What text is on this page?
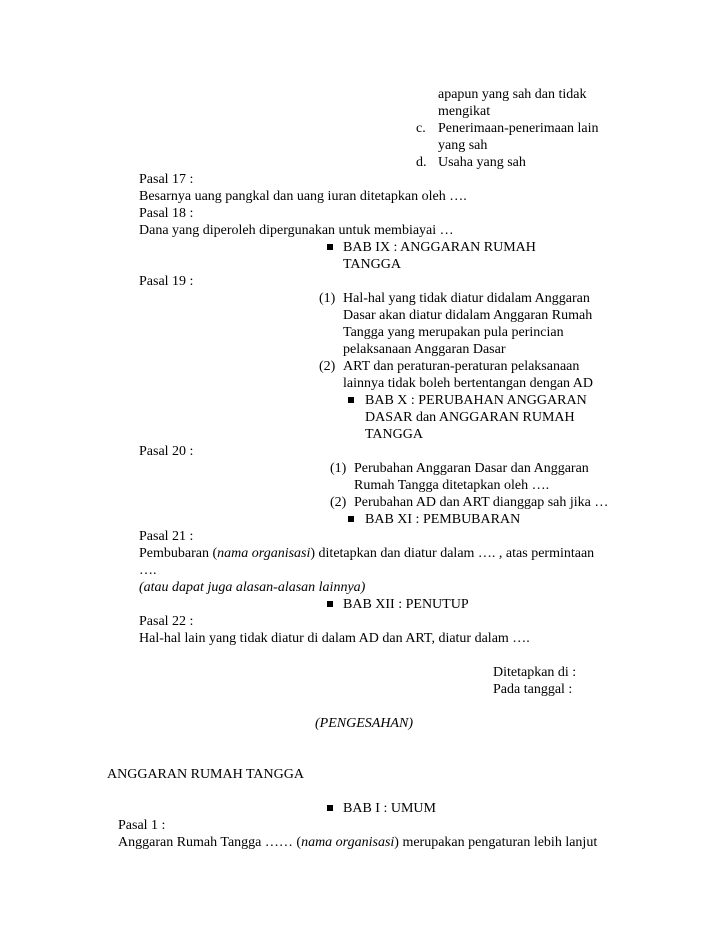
apapun yang sah dan tidak
mengikat
c. Penerimaan-penerimaan lain
yang sah
d. Usaha yang sah
Pasal 17 :
Besarnya uang pangkal dan uang iuran ditetapkan oleh ….
Pasal 18 :
Dana yang diperoleh dipergunakan untuk membiayai …
BAB IX : ANGGARAN RUMAH
TANGGA
Pasal 19 :
(1) Hal-hal yang tidak diatur didalam Anggaran
Dasar akan diatur didalam Anggaran Rumah
Tangga yang merupakan pula perincian
pelaksanaan Anggaran Dasar
(2) ART dan peraturan-peraturan pelaksanaan
lainnya tidak boleh bertentangan dengan AD
BAB X : PERUBAHAN ANGGARAN
DASAR dan ANGGARAN RUMAH
TANGGA
Pasal 20 :
(1) Perubahan Anggaran Dasar dan Anggaran
Rumah Tangga ditetapkan oleh ….
(2) Perubahan AD dan ART dianggap sah jika …
BAB XI : PEMBUBARAN
Pasal 21 :
Pembubaran (nama organisasi) ditetapkan dan diatur dalam …. , atas permintaan
….
(atau dapat juga alasan-alasan lainnya)
BAB XII : PENUTUP
Pasal 22 :
Hal-hal lain yang tidak diatur di dalam AD dan ART, diatur dalam ….
Ditetapkan di :
Pada tanggal :
(PENGESAHAN)
ANGGARAN RUMAH TANGGA
BAB I : UMUM
Pasal 1 :
Anggaran Rumah Tangga …… (nama organisasi) merupakan pengaturan lebih lanjut
